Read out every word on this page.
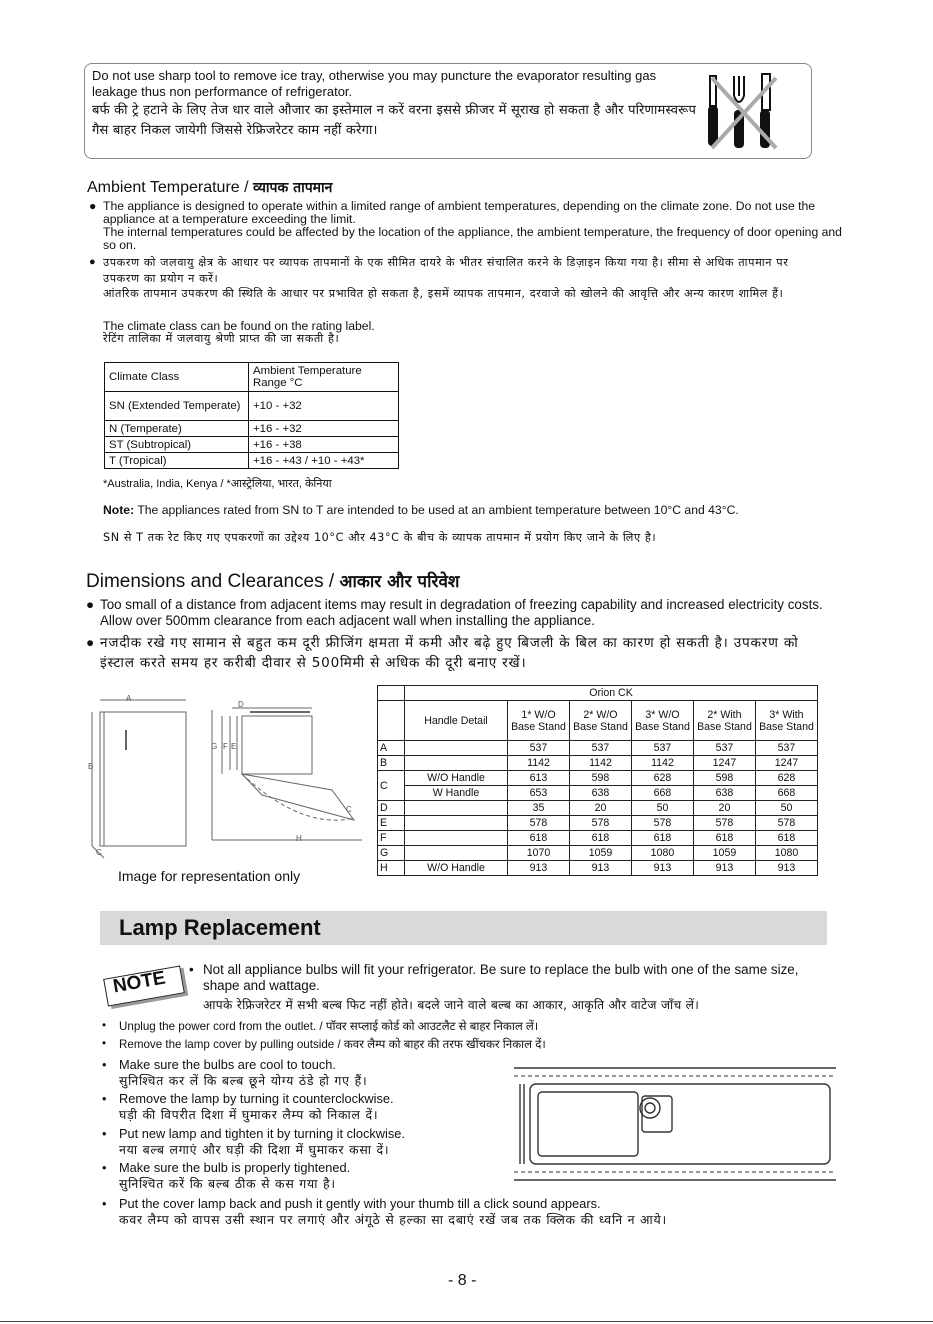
Do not use sharp tool to remove ice tray, otherwise you may puncture the evaporator resulting gas leakage thus non performance of refrigerator.
बर्फ की ट्रे हटाने के लिए तेज धार वाले औजार का इस्तेमाल न करें वरना इससे फ्रीजर में सूराख हो सकता है और परिणामस्वरूप गैस बाहर निकल जायेगी जिससे रेफ्रिजरेटर काम नहीं करेगा।
Ambient Temperature / व्यापक तापमान
● The appliance is designed to operate within a limited range of ambient temperatures, depending on the climate zone. Do not use the appliance at a temperature exceeding the limit.
The internal temperatures could be affected by the location of the appliance, the ambient temperature, the frequency of door opening and so on.
● उपकरण को जलवायु क्षेत्र के आधार पर व्यापक तापमानों के एक सीमित दायरे के भीतर संचालित करने के डिज़ाइन किया गया है। सीमा से अधिक तापमान पर उपकरण का प्रयोग न करें।
आंतरिक तापमान उपकरण की स्थिति के आधार पर प्रभावित हो सकता है, इसमें व्यापक तापमान, दरवाजे को खोलने की आवृत्ति और अन्य कारण शामिल हैं।
The climate class can be found on the rating label.
रेटिंग तालिका में जलवायु श्रेणी प्राप्त की जा सकती है।
Climate Class	Ambient Temperature Range °C
SN (Extended Temperate)	+10 - +32
N (Temperate)	+16 - +32
ST (Subtropical)	+16 - +38
T (Tropical)	+16 - +43 / +10 - +43*
*Australia, India, Kenya / *आस्ट्रेलिया, भारत, केनिया
Note: The appliances rated from SN to T are intended to be used at an ambient temperature between 10°C and 43°C.
SN से T तक रेट किए गए एपकरणों का उद्देश्य 10°C और 43°C के बीच के व्यापक तापमान में प्रयोग किए जाने के लिए है।
Dimensions and Clearances / आकार और परिवेश
● Too small of a distance from adjacent items may result in degradation of freezing capability and increased electricity costs. Allow over 500mm clearance from each adjacent wall when installing the appliance.
● नजदीक रखे गए सामान से बहुत कम दूरी फ्रीजिंग क्षमता में कमी और बढ़े हुए बिजली के बिल का कारण हो सकती है। उपकरण को इंस्टाल करते समय हर करीबी दीवार से 500मिमी से अधिक की दूरी बनाए रखें।
A
B
C
D
G F E
H
C
Image for representation only
	Orion CK					
	Handle Detail	1* W/O Base Stand	2* W/O Base Stand	3* W/O Base Stand	2* With Base Stand	3* With Base Stand
A		537	537	537	537	537
B		1142	1142	1142	1247	1247
C	W/O Handle	613	598	628	598	628
	W Handle	653	638	668	638	668
D		35	20	50	20	50
E		578	578	578	578	578
F		618	618	618	618	618
G		1070	1059	1080	1059	1080
H	W/O Handle	913	913	913	913	913
Lamp Replacement
NOTE • Not all appliance bulbs will fit your refrigerator. Be sure to replace the bulb with one of the same size, shape and wattage.
आपके रेफ्रिजरेटर में सभी बल्ब फिट नहीं होते। बदले जाने वाले बल्ब का आकार, आकृति और वाटेज जाँच लें।
• Unplug the power cord from the outlet. / पॉवर सप्लाई कोर्ड को आउटलैट से बाहर निकाल लें।
• Remove the lamp cover by pulling outside / कवर लैम्प को बाहर की तरफ खींचकर निकाल दें।
• Make sure the bulbs are cool to touch.
सुनिश्चित कर लें कि बल्ब छूने योग्य ठंडे हो गए हैं।
• Remove the lamp by turning it counterclockwise.
घड़ी की विपरीत दिशा में घुमाकर लैम्प को निकाल दें।
• Put new lamp and tighten it by turning it clockwise.
नया बल्ब लगाएं और घड़ी की दिशा में घुमाकर कसा दें।
• Make sure the bulb is properly tightened.
सुनिश्चित करें कि बल्ब ठीक से कस गया है।
• Put the cover lamp back and push it gently with your thumb till a click sound appears.
कवर लैम्प को वापस उसी स्थान पर लगाएं और अंगूठे से हल्का सा दबाएं रखें जब तक क्लिक की ध्वनि न आये।
- 8 -
